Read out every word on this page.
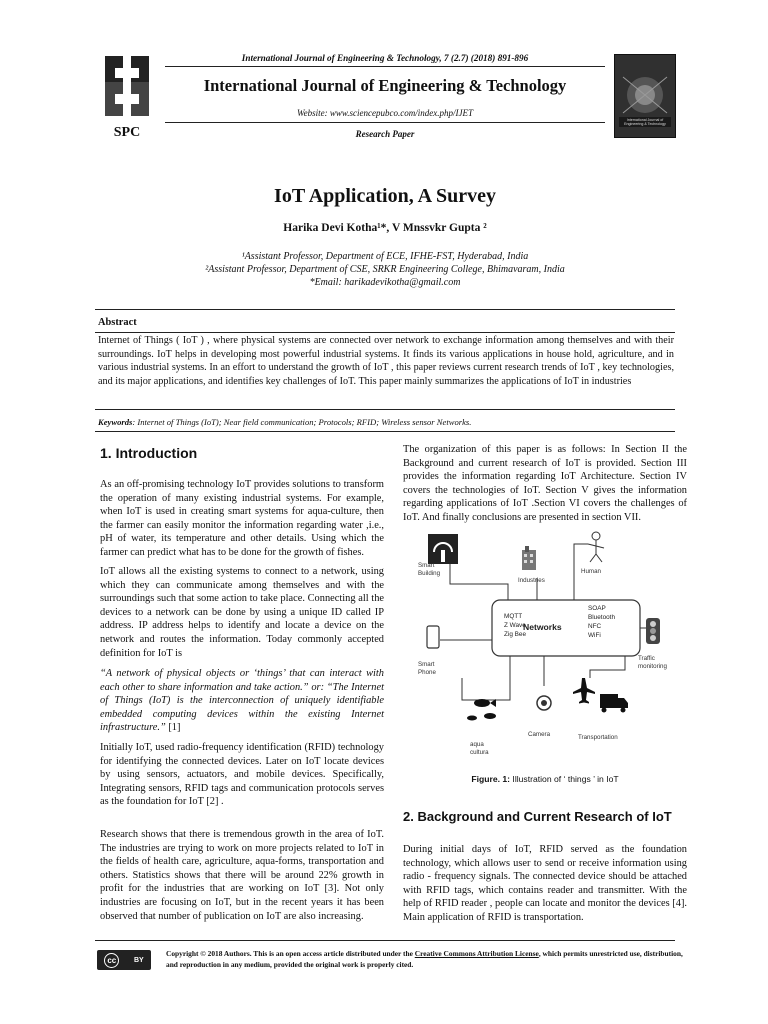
SPC
International Journal of Engineering & Technology, 7 (2.7) (2018) 891-896
International Journal of Engineering & Technology
Website: www.sciencepubco.com/index.php/IJET
Research Paper
International Journal of Engineering & Technology
IoT Application, A Survey
Harika Devi Kotha¹*, V Mnssvkr Gupta ²
¹Assistant Professor, Department of ECE, IFHE-FST, Hyderabad, India
²Assistant Professor, Department of CSE, SRKR Engineering College, Bhimavaram, India
*Email: harikadevikotha@gmail.com
Abstract
Internet of Things ( IoT ) , where physical systems are connected over network to exchange information among themselves and with their surroundings. IoT helps in developing most powerful industrial systems. It finds its various applications in house hold, agriculture, and in various industrial systems. In an effort to understand the growth of IoT , this paper reviews current research trends of IoT , key technologies, and its major applications, and identifies key challenges of IoT. This paper mainly summarizes the applications of IoT in industries
Keywords: Internet of Things (IoT); Near field communication; Protocols; RFID; Wireless sensor Networks.
1. Introduction

As an off-promising technology IoT provides solutions to transform the operation of many existing industrial systems. For example, when IoT is used in creating smart systems for aqua-culture, then the farmer can easily monitor the information regarding water ,i.e., pH of water, its temperature and other details. Using which the farmer can predict what has to be done for the growth of fishes.

IoT allows all the existing systems to connect to a network, using which they can communicate among themselves and with the surroundings such that some action to take place. Connecting all the devices to a network can be done by using a unique ID called IP address. IP address helps to identify and locate a device on the network and routes the information. Today commonly accepted definition for IoT is

“A network of physical objects or ‘things’ that can interact with each other to share information and take action.” or: “The Internet of Things (IoT) is the interconnection of uniquely identifiable embedded computing devices within the existing Internet infrastructure.” [1]

Initially IoT, used radio-frequency identification (RFID) technology for identifying the connected devices. Later on IoT locate devices by using sensors, actuators, and mobile devices. Specifically, Integrating sensors, RFID tags and communication protocols serves as the foundation for IoT [2] .

Research shows that there is tremendous growth in the area of IoT. The industries are trying to work on more projects related to IoT in the fields of health care, agriculture, aqua-forms, transportation and others. Statistics shows that there will be around 22% growth in profit for the industries that are working on IoT [3]. Not only industries are focusing on IoT, but in the recent years it has been observed that number of publication on IoT are also increasing.

The organization of this paper is as follows: In Section II the Background and current research of IoT is provided. Section III provides the information regarding IoT Architecture. Section IV covers the technologies of IoT. Section V gives the information regarding applications of IoT .Section VI covers the challenges of IoT. And finally conclusions are presented in section VII.

Networks
MQTT
Z Wave
Zig Bee
SOAP
Bluetooth
NFC
WiFi
Smart Building
Industries
Human
Smart Phone
Traffic monitoring
aqua cultura
Camera	Transportation
Figure. 1: Illustration of ‘ things ’ in IoT
2. Background and Current Research of IoT

During initial days of IoT, RFID served as the foundation technology, which allows user to send or receive information using radio - frequency signals. The connected device should be attached with RFID tags, which contains reader and transmitter. With the help of RFID reader , people can locate and monitor the devices [4]. Main application of RFID is transportation.

cc	BY
Copyright © 2018 Authors. This is an open access article distributed under the Creative Commons Attribution License, which permits unrestricted use, distribution, and reproduction in any medium, provided the original work is properly cited.
